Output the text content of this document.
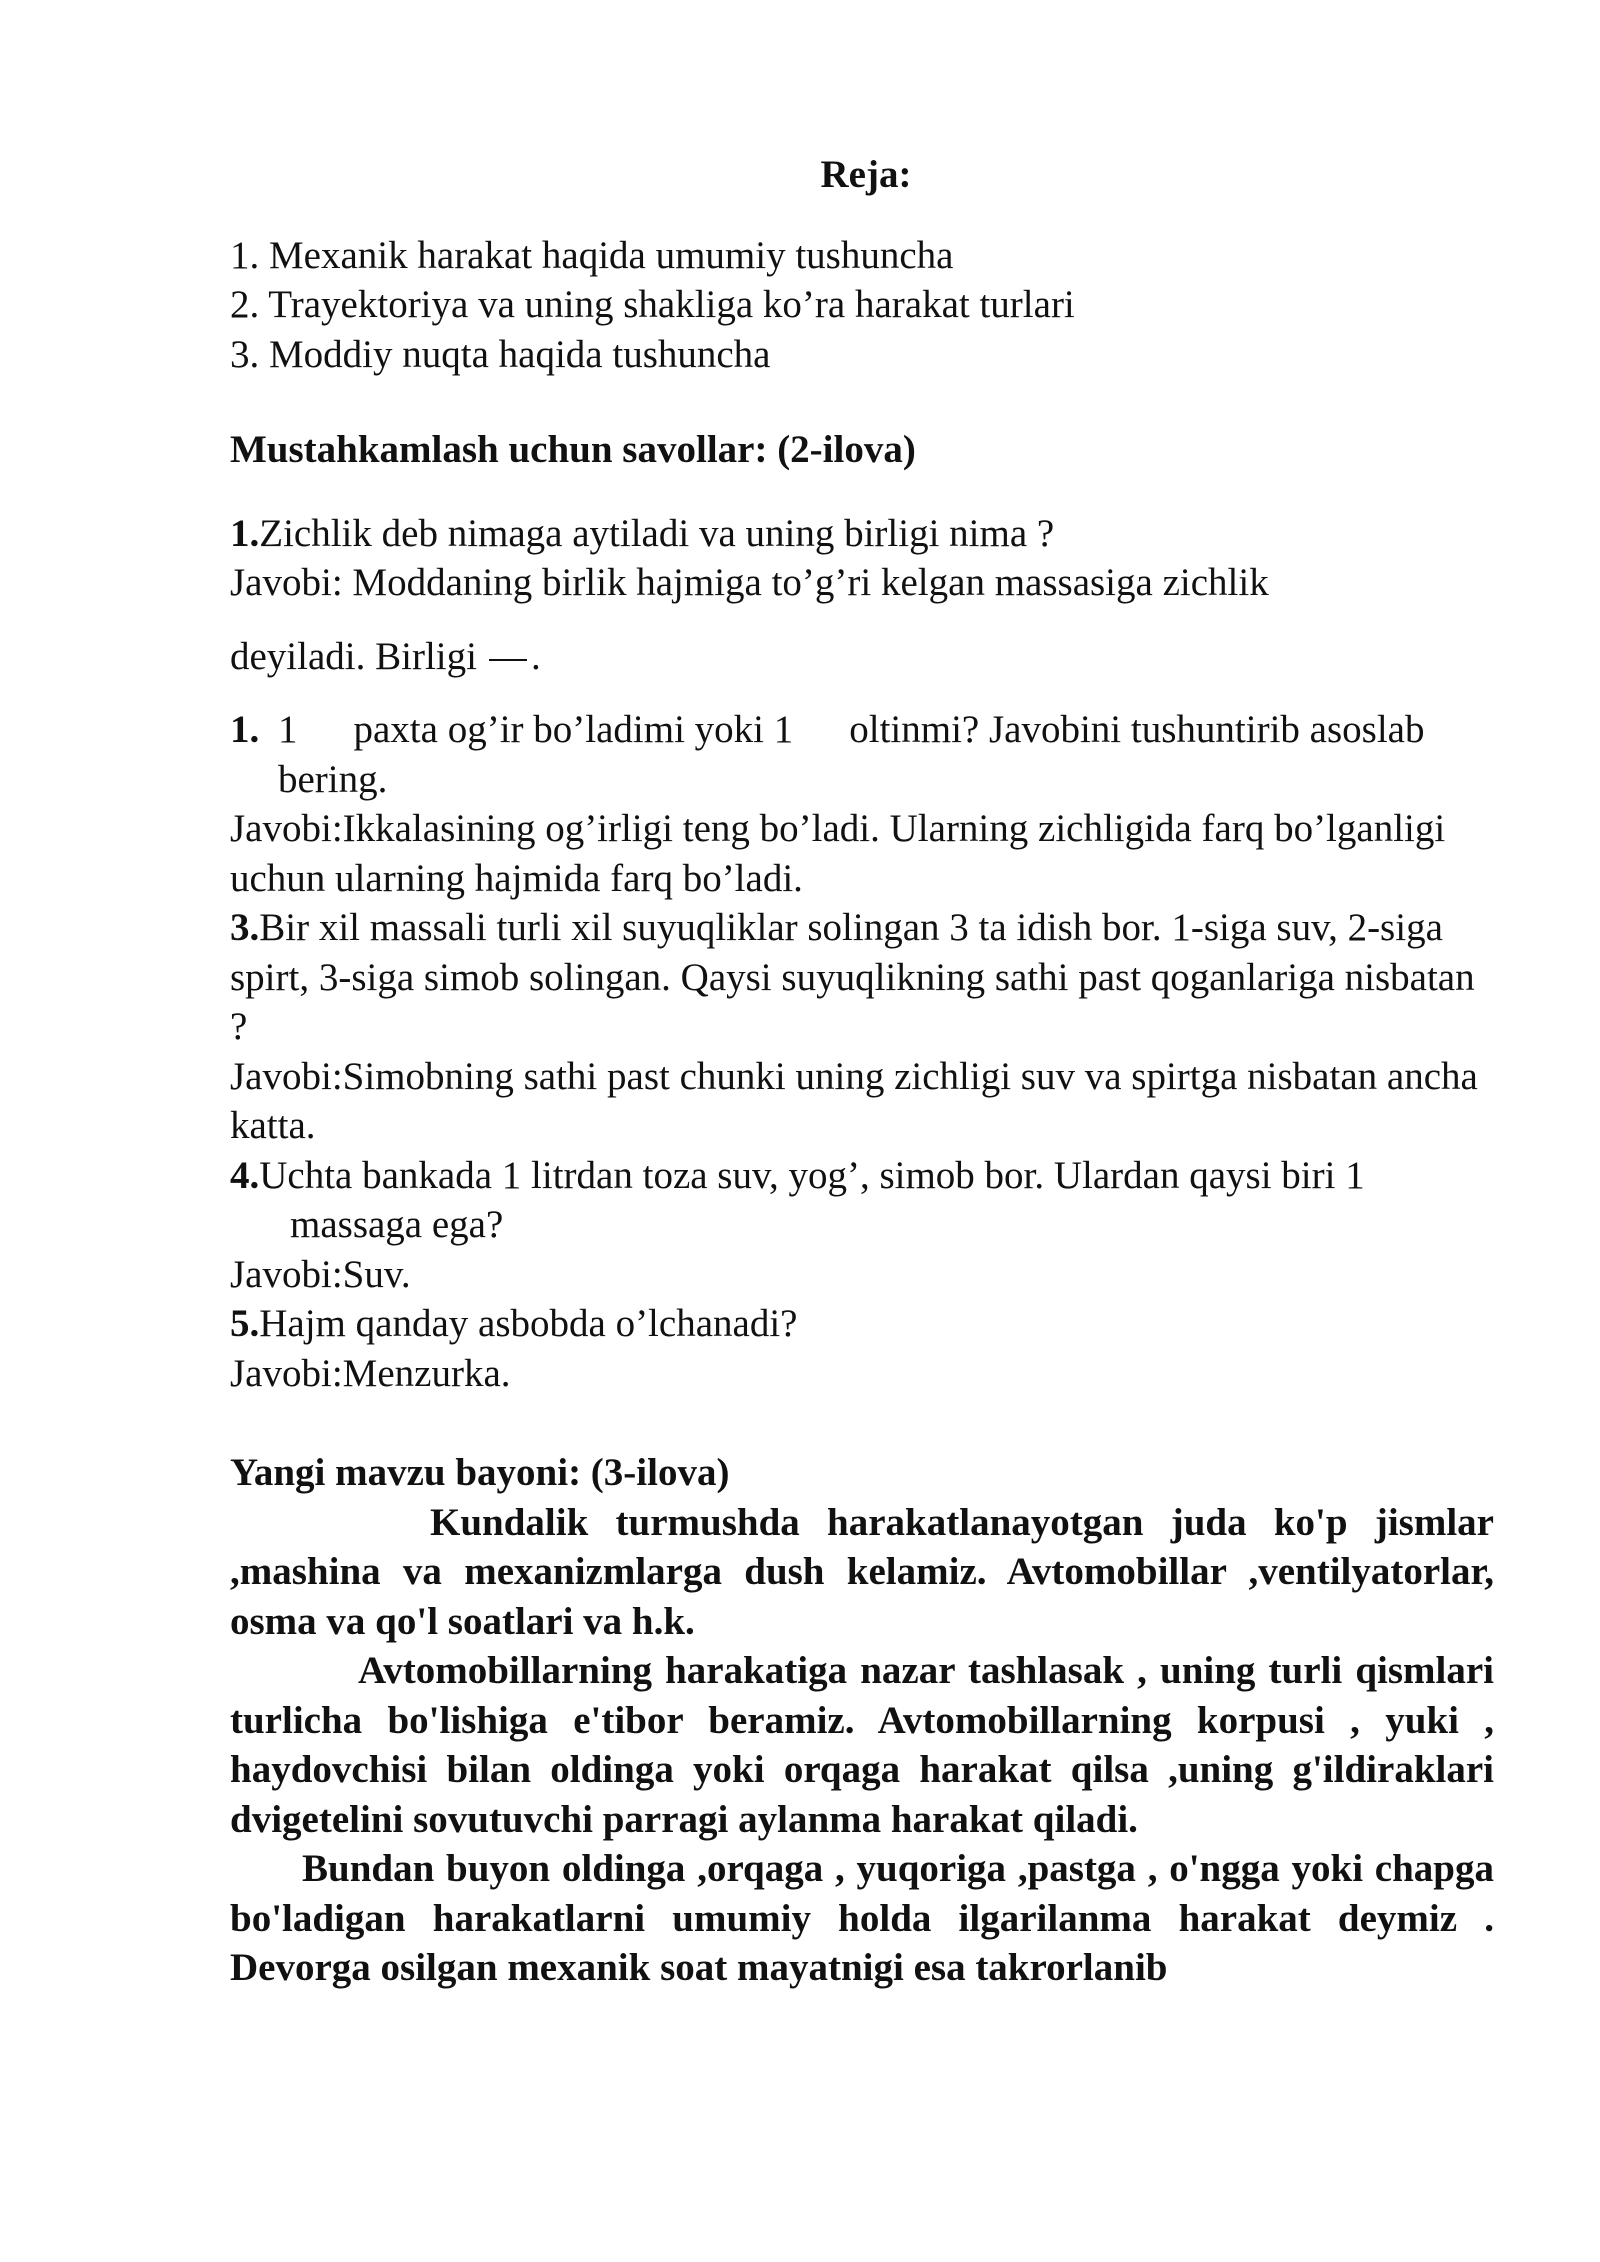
Reja:

1. Mexanik harakat haqida umumiy tushuncha

2. Trayektoriya va uning shakliga ko’ra harakat turlari

3. Moddiy nuqta haqida tushuncha

Mustahkamlash uchun savollar: (2-ilova)

1.Zichlik deb nimaga aytiladi va uning birligi nima ?

Javobi: Moddaning birlik hajmiga to’g’ri kelgan massasiga zichlik

deyiladi. Birligi .

1. 1 paxta og’ir bo’ladimi yoki 1 oltinmi? Javobini tushuntirib asoslab bering.

Javobi:Ikkalasining og’irligi teng bo’ladi. Ularning zichligida farq bo’lganligi uchun ularning hajmida farq bo’ladi.

3.Bir xil massali turli xil suyuqliklar solingan 3 ta idish bor. 1-siga suv, 2-siga spirt, 3-siga simob solingan. Qaysi suyuqlikning sathi past qoganlariga nisbatan ?

Javobi:Simobning sathi past chunki uning zichligi suv va spirtga nisbatan ancha katta.

4.Uchta bankada 1 litrdan toza suv, yog’, simob bor. Ulardan qaysi biri 1

massaga ega?

Javobi:Suv.

5.Hajm qanday asbobda o’lchanadi?

Javobi:Menzurka.

Yangi mavzu bayoni: (3-ilova)

Kundalik turmushda harakatlanayotgan juda ko'p jismlar ,mashina va mexanizmlarga dush kelamiz. Avtomobillar ,ventilyatorlar, osma va qo'l soatlari va h.k.

Avtomobillarning harakatiga nazar tashlasak , uning turli qismlari turlicha bo'lishiga e'tibor beramiz. Avtomobillarning korpusi , yuki , haydovchisi bilan oldinga yoki orqaga harakat qilsa ,uning g'ildiraklari dvigetelini sovutuvchi parragi aylanma harakat qiladi.

Bundan buyon oldinga ,orqaga , yuqoriga ,pastga , o'ngga yoki chapga bo'ladigan harakatlarni umumiy holda ilgarilanma harakat deymiz . Devorga osilgan mexanik soat mayatnigi esa takrorlanib
